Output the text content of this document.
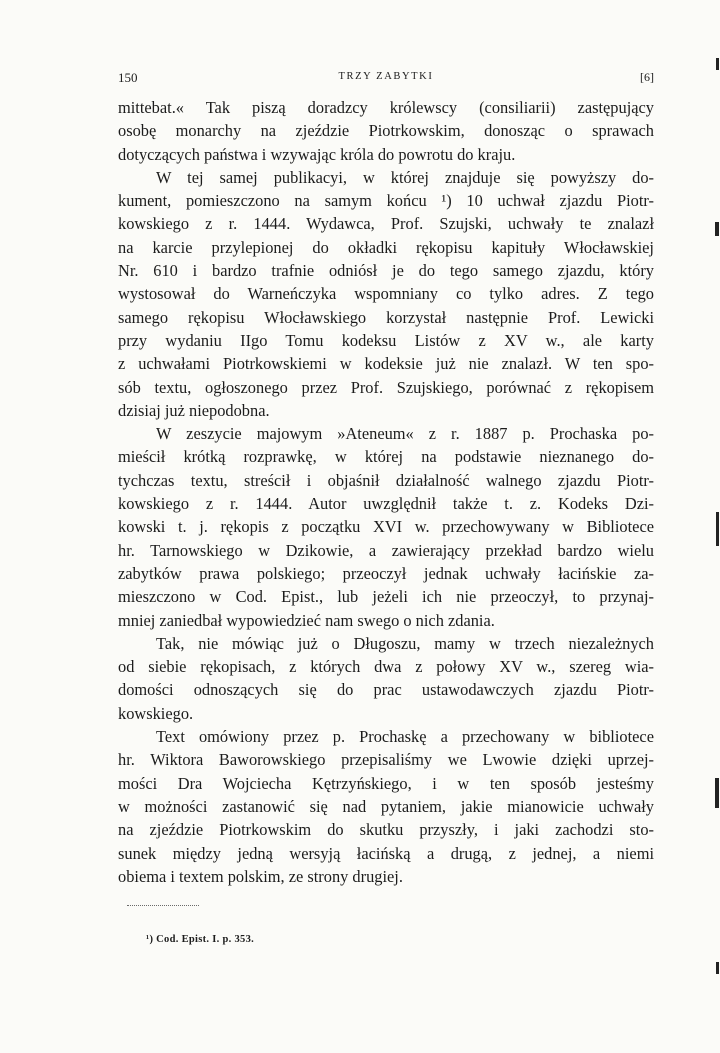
150	TRZY ZABYTKI	[6]
mittebat.« Tak piszą doradzcy królewscy (consiliarii) zastępujący
osobę monarchy na zjeździe Piotrkowskim, donosząc o sprawach
dotyczących państwa i wzywając króla do powrotu do kraju.
W tej samej publikacyi, w której znajduje się powyższy do-
kument, pomieszczono na samym końcu ¹) 10 uchwał zjazdu Piotr-
kowskiego z r. 1444. Wydawca, Prof. Szujski, uchwały te znalazł
na karcie przylepionej do okładki rękopisu kapituły Włocławskiej
Nr. 610 i bardzo trafnie odniósł je do tego samego zjazdu, który
wystosował do Warneńczyka wspomniany co tylko adres. Z tego
samego rękopisu Włocławskiego korzystał następnie Prof. Lewicki
przy wydaniu IIgo Tomu kodeksu Listów z XV w., ale karty
z uchwałami Piotrkowskiemi w kodeksie już nie znalazł. W ten spo-
sób textu, ogłoszonego przez Prof. Szujskiego, porównać z rękopisem
dzisiaj już niepodobna.
W zeszycie majowym »Ateneum« z r. 1887 p. Prochaska po-
mieścił krótką rozprawkę, w której na podstawie nieznanego do-
tychczas textu, streścił i objaśnił działalność walnego zjazdu Piotr-
kowskiego z r. 1444. Autor uwzględnił także t. z. Kodeks Dzi-
kowski t. j. rękopis z początku XVI w. przechowywany w Bibliotece
hr. Tarnowskiego w Dzikowie, a zawierający przekład bardzo wielu
zabytków prawa polskiego; przeoczył jednak uchwały łacińskie za-
mieszczono w Cod. Epist., lub jeżeli ich nie przeoczył, to przynaj-
mniej zaniedbał wypowiedzieć nam swego o nich zdania.
Tak, nie mówiąc już o Długoszu, mamy w trzech niezależnych
od siebie rękopisach, z których dwa z połowy XV w., szereg wia-
domości odnoszących się do prac ustawodawczych zjazdu Piotr-
kowskiego.
Text omówiony przez p. Prochaskę a przechowany w bibliotece
hr. Wiktora Baworowskiego przepisaliśmy we Lwowie dzięki uprzej-
mości Dra Wojciecha Kętrzyńskiego, i w ten sposób jesteśmy
w możności zastanowić się nad pytaniem, jakie mianowicie uchwały
na zjeździe Piotrkowskim do skutku przyszły, i jaki zachodzi sto-
sunek między jedną wersyją łacińską a drugą, z jednej, a niemi
obiema i textem polskim, ze strony drugiej.
¹) Cod. Epist. I. p. 353.
